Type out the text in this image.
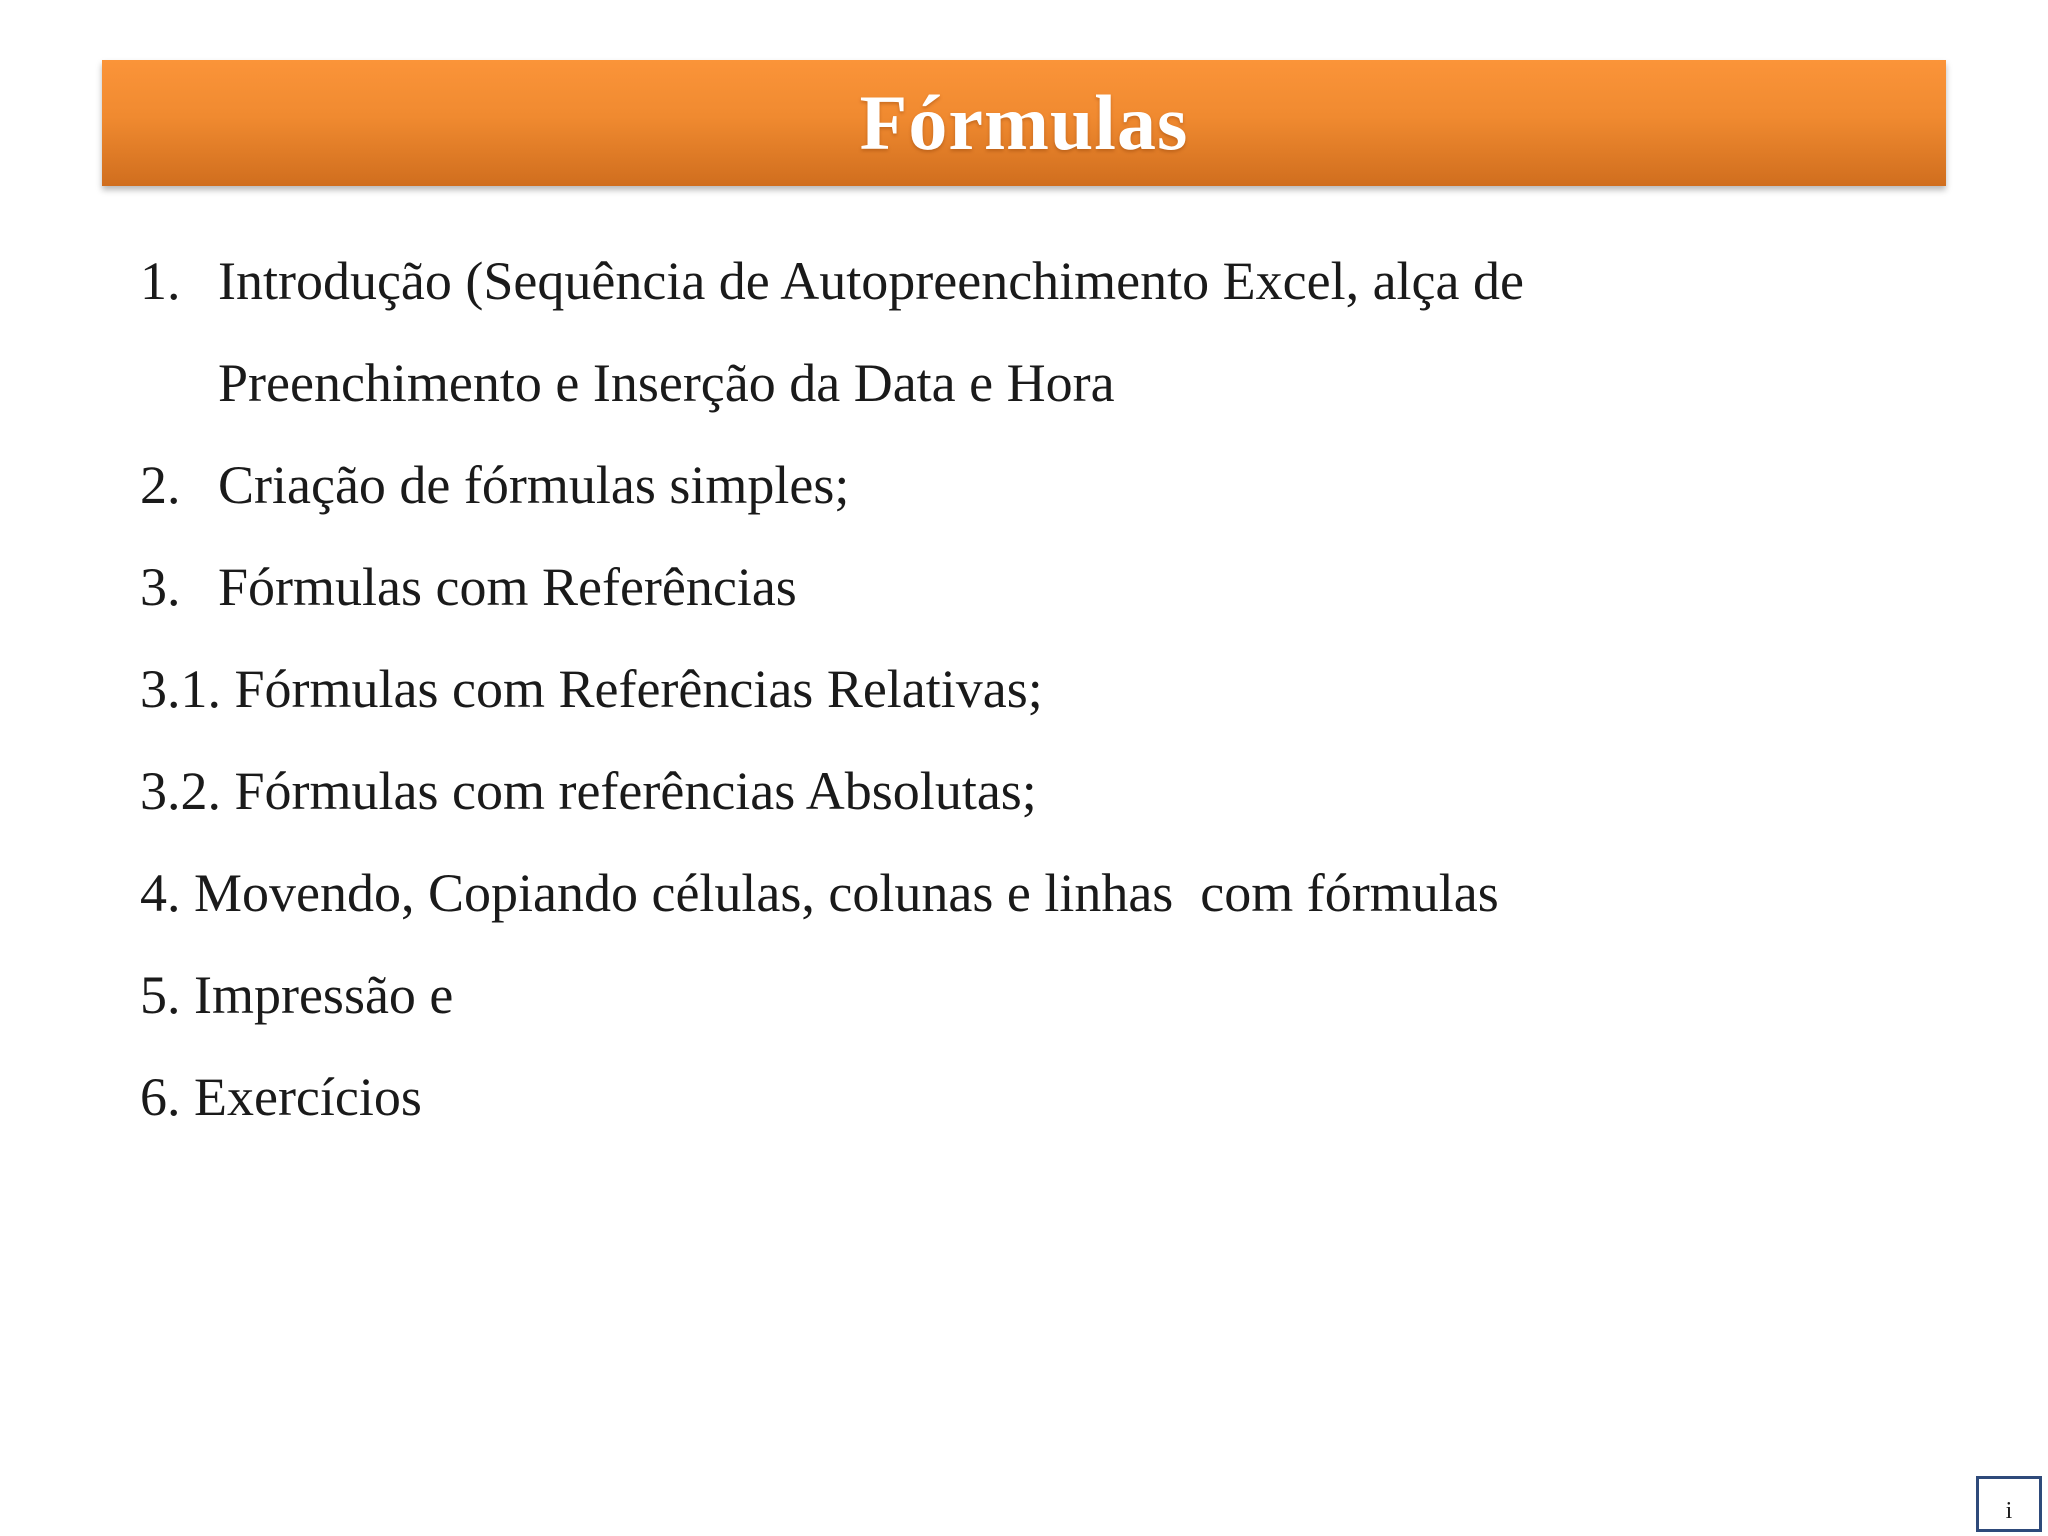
Fórmulas
1. Introdução (Sequência de Autopreenchimento Excel, alça de
Preenchimento e Inserção da Data e Hora
2. Criação de fórmulas simples;
3. Fórmulas com Referências
3.1. Fórmulas com Referências Relativas;
3.2. Fórmulas com referências Absolutas;
4. Movendo, Copiando células, colunas e linhas  com fórmulas
5. Impressão e
6. Exercícios
i
